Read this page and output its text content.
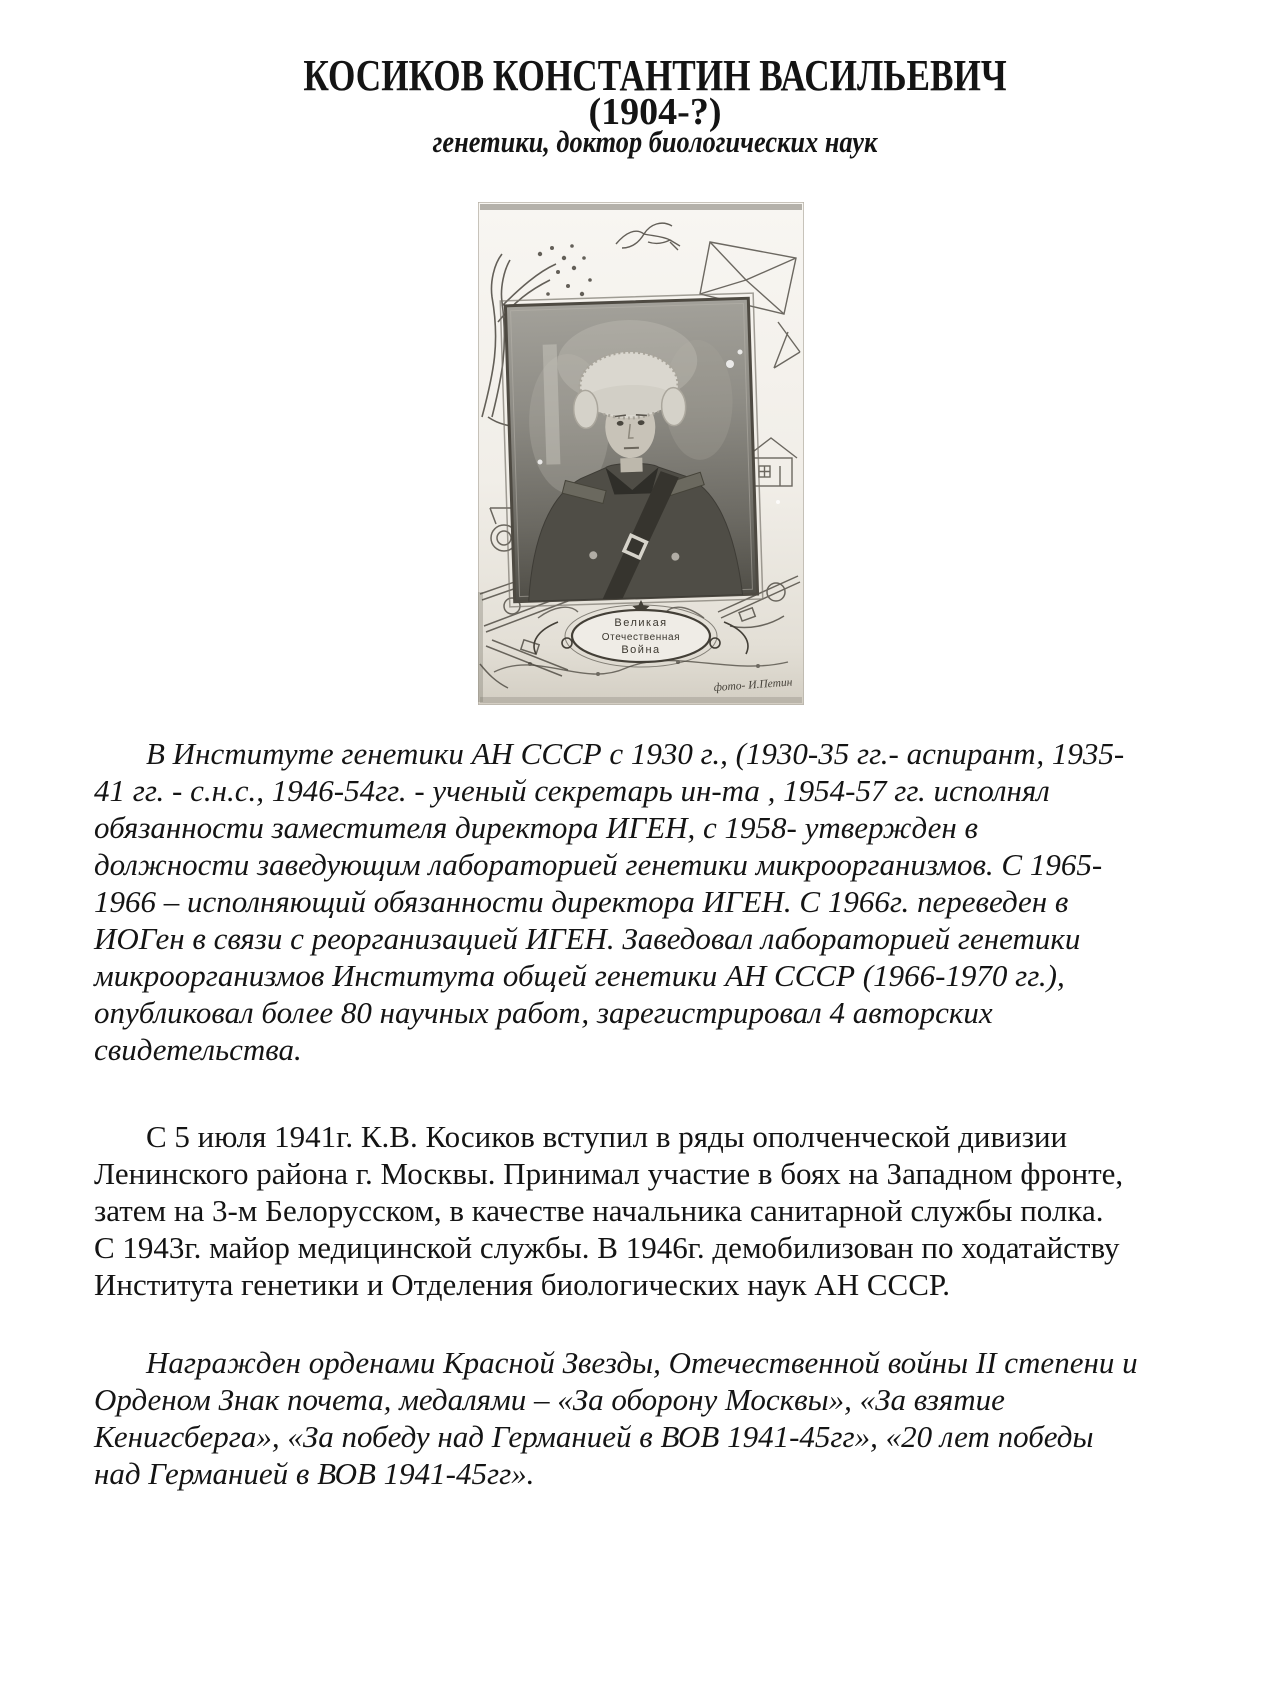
КОСИКОВ КОНСТАНТИН ВАСИЛЬЕВИЧ
(1904-?)
генетики, доктор биологических наук
Великая
Отечественная
Война
фото- И.Петин
В Институте генетики АН СССР с 1930 г., (1930-35 гг.- аспирант, 1935-
41 гг. - с.н.с., 1946-54гг. - ученый секретарь ин-та , 1954-57 гг. исполнял
обязанности заместителя директора ИГЕН, с 1958- утвержден в
должности заведующим лабораторией генетики микроорганизмов. С 1965-
1966 – исполняющий обязанности директора ИГЕН. С 1966г. переведен в
ИОГен в связи с реорганизацией ИГЕН. Заведовал лабораторией генетики
микроорганизмов Института общей генетики АН СССР (1966-1970 гг.),
опубликовал более 80 научных работ, зарегистрировал 4 авторских
свидетельства.
С 5 июля 1941г. К.В. Косиков вступил в ряды ополченческой дивизии
Ленинского района г. Москвы. Принимал участие в боях на Западном фронте,
затем на 3-м Белорусском, в качестве начальника санитарной службы полка.
С 1943г. майор медицинской службы. В 1946г. демобилизован по ходатайству
Института генетики и Отделения биологических наук АН СССР.
Награжден орденами Красной Звезды, Отечественной войны II степени и
Орденом Знак почета, медалями – «За оборону Москвы», «За взятие
Кенигсберга», «За победу над Германией в ВОВ 1941-45гг», «20 лет победы
над Германией в ВОВ 1941-45гг».
